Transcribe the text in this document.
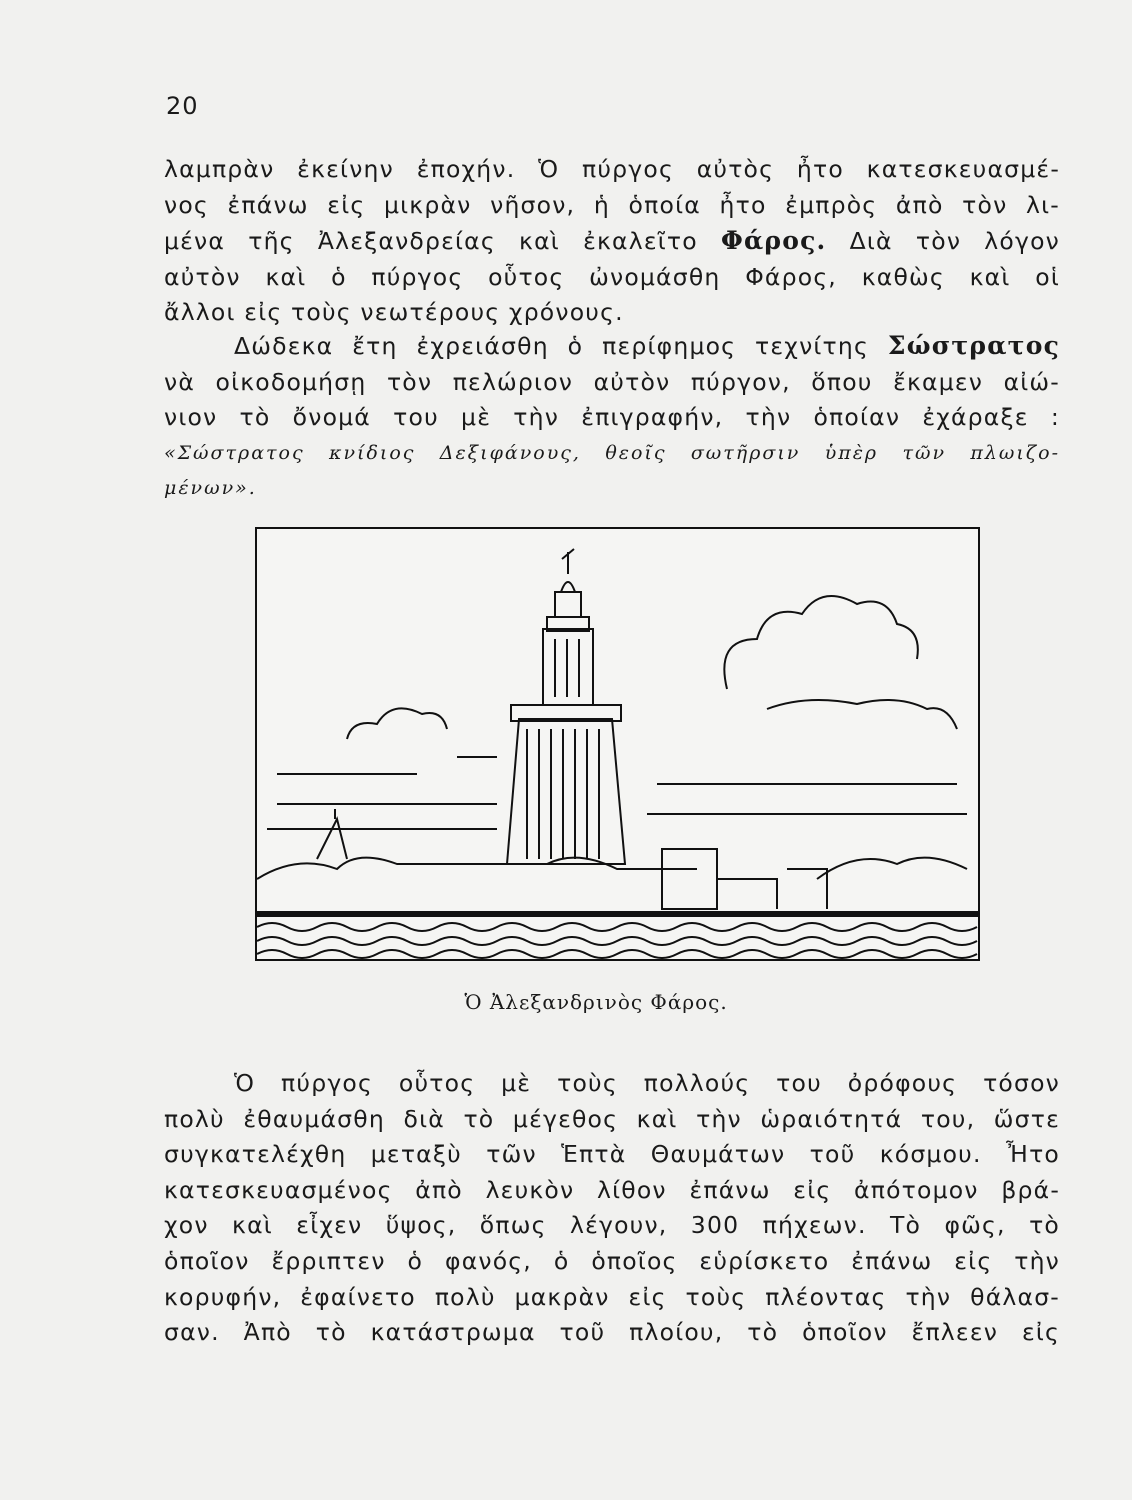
20
λαμπρὰν ἐκείνην ἐποχήν. Ὁ πύργος αὐτὸς ἦτο κατεσκευασμέ-
νος ἐπάνω εἰς μικρὰν νῆσον, ἡ ὁποία ἦτο ἐμπρὸς ἀπὸ τὸν λι-
μένα τῆς Ἀλεξανδρείας καὶ ἐκαλεῖτο Φάρος. Διὰ τὸν λόγον
αὐτὸν καὶ ὁ πύργος οὗτος ὠνομάσθη Φάρος, καθὼς καὶ οἱ
ἄλλοι εἰς τοὺς νεωτέρους χρόνους.
Δώδεκα ἔτη ἐχρειάσθη ὁ περίφημος τεχνίτης Σώστρατος
νὰ οἰκοδομήσῃ τὸν πελώριον αὐτὸν πύργον, ὅπου ἔκαμεν αἰώ-
νιον τὸ ὄνομά του μὲ τὴν ἐπιγραφήν, τὴν ὁποίαν ἐχάραξε :
«Σώστρατος κνίδιος Δεξιφάνους, θεοῖς σωτῆρσιν ὑπὲρ τῶν πλωιζο-
μένων».
Ὁ Ἀλεξανδρινὸς Φάρος.
Ὁ πύργος οὗτος μὲ τοὺς πολλούς του ὀρόφους τόσον
πολὺ ἐθαυμάσθη διὰ τὸ μέγεθος καὶ τὴν ὡραιότητά του, ὥστε
συγκατελέχθη μεταξὺ τῶν Ἑπτὰ Θαυμάτων τοῦ κόσμου. Ἦτο
κατεσκευασμένος ἀπὸ λευκὸν λίθον ἐπάνω εἰς ἀπότομον βρά-
χον καὶ εἶχεν ὕψος, ὅπως λέγουν, 300 πήχεων. Τὸ φῶς, τὸ
ὁποῖον ἔρριπτεν ὁ φανός, ὁ ὁποῖος εὑρίσκετο ἐπάνω εἰς τὴν
κορυφήν, ἐφαίνετο πολὺ μακρὰν εἰς τοὺς πλέοντας τὴν θάλασ-
σαν. Ἀπὸ τὸ κατάστρωμα τοῦ πλοίου, τὸ ὁποῖον ἔπλεεν εἰς
